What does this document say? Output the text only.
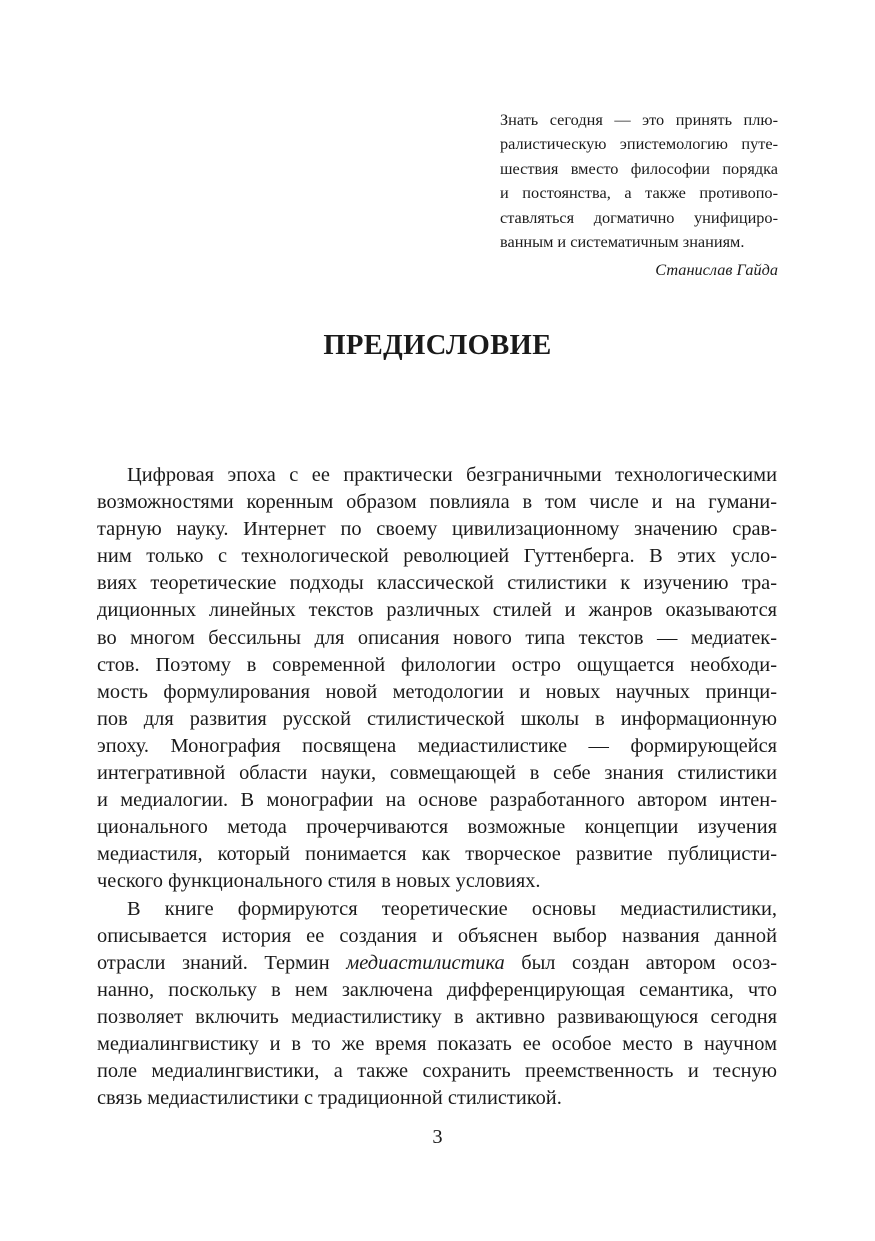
Знать сегодня — это принять плю-
ралистическую эпистемологию путе-
шествия вместо философии порядка
и постоянства, а также противопо-
ставляться догматично унифициро-
ванным и систематичным знаниям.
Станислав Гайда
ПРЕДИСЛОВИЕ
Цифровая эпоха с ее практически безграничными технологическими
возможностями коренным образом повлияла в том числе и на гумани-
тарную науку. Интернет по своему цивилизационному значению срав-
ним только с технологической революцией Гуттенберга. В этих усло-
виях теоретические подходы классической стилистики к изучению тра-
диционных линейных текстов различных стилей и жанров оказываются
во многом бессильны для описания нового типа текстов — медиатек-
стов. Поэтому в современной филологии остро ощущается необходи-
мость формулирования новой методологии и новых научных принци-
пов для развития русской стилистической школы в информационную
эпоху. Монография посвящена медиастилистике — формирующейся
интегративной области науки, совмещающей в себе знания стилистики
и медиалогии. В монографии на основе разработанного автором интен-
ционального метода прочерчиваются возможные концепции изучения
медиастиля, который понимается как творческое развитие публицисти-
ческого функционального стиля в новых условиях.
В книге формируются теоретические основы медиастилистики,
описывается история ее создания и объяснен выбор названия данной
отрасли знаний. Термин медиастилистика был создан автором осоз-
нанно, поскольку в нем заключена дифференцирующая семантика, что
позволяет включить медиастилистику в активно развивающуюся сегодня
медиалингвистику и в то же время показать ее особое место в научном
поле медиалингвистики, а также сохранить преемственность и тесную
связь медиастилистики с традиционной стилистикой.
3
